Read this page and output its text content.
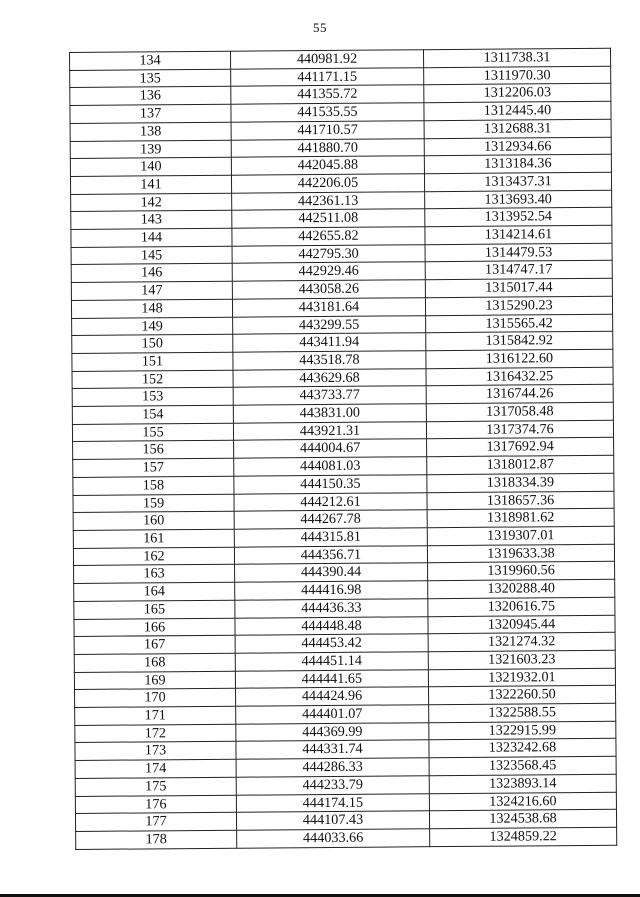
55
134	440981.92	1311738.31
135	441171.15	1311970.30
136	441355.72	1312206.03
137	441535.55	1312445.40
138	441710.57	1312688.31
139	441880.70	1312934.66
140	442045.88	1313184.36
141	442206.05	1313437.31
142	442361.13	1313693.40
143	442511.08	1313952.54
144	442655.82	1314214.61
145	442795.30	1314479.53
146	442929.46	1314747.17
147	443058.26	1315017.44
148	443181.64	1315290.23
149	443299.55	1315565.42
150	443411.94	1315842.92
151	443518.78	1316122.60
152	443629.68	1316432.25
153	443733.77	1316744.26
154	443831.00	1317058.48
155	443921.31	1317374.76
156	444004.67	1317692.94
157	444081.03	1318012.87
158	444150.35	1318334.39
159	444212.61	1318657.36
160	444267.78	1318981.62
161	444315.81	1319307.01
162	444356.71	1319633.38
163	444390.44	1319960.56
164	444416.98	1320288.40
165	444436.33	1320616.75
166	444448.48	1320945.44
167	444453.42	1321274.32
168	444451.14	1321603.23
169	444441.65	1321932.01
170	444424.96	1322260.50
171	444401.07	1322588.55
172	444369.99	1322915.99
173	444331.74	1323242.68
174	444286.33	1323568.45
175	444233.79	1323893.14
176	444174.15	1324216.60
177	444107.43	1324538.68
178	444033.66	1324859.22
